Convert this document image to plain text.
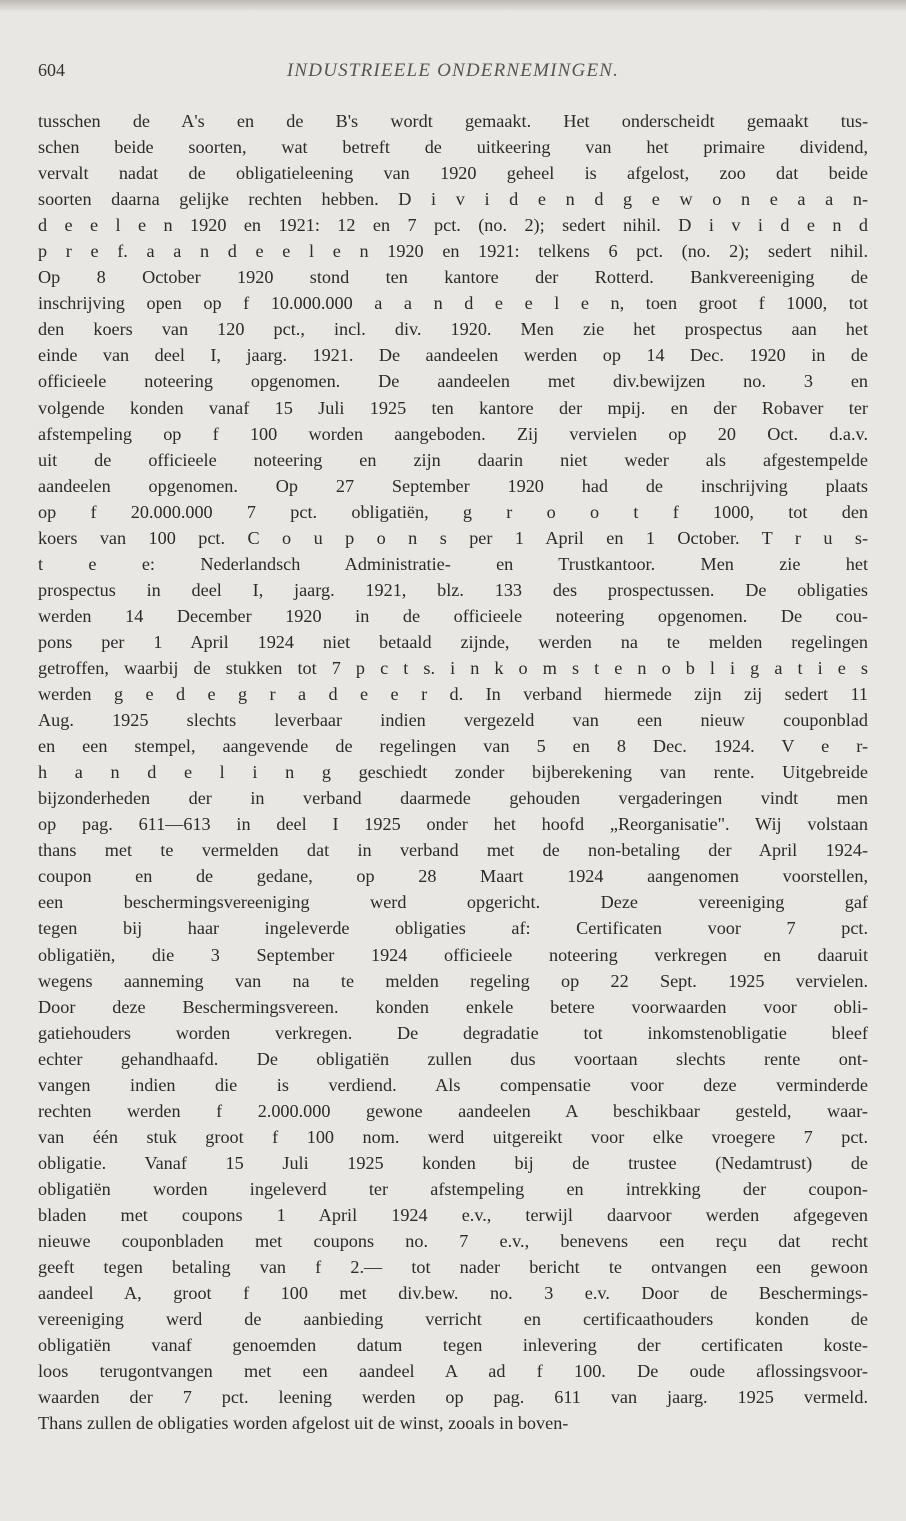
604	INDUSTRIEELE ONDERNEMINGEN.
tusschen de A's en de B's wordt gemaakt. Het onderscheidt gemaakt tus-
schen beide soorten, wat betreft de uitkeering van het primaire dividend,
vervalt nadat de obligatieleening van 1920 geheel is afgelost, zoo dat beide
soorten daarna gelijke rechten hebben. D i v i d e n d g e w o n e a a n-
d e e l e n 1920 en 1921: 12 en 7 pct. (no. 2); sedert nihil. D i v i d e n d
p r e f. a a n d e e l e n 1920 en 1921: telkens 6 pct. (no. 2); sedert nihil.
Op 8 October 1920 stond ten kantore der Rotterd. Bankvereeniging de
inschrijving open op f 10.000.000 a a n d e e l e n, toen groot f 1000, tot
den koers van 120 pct., incl. div. 1920. Men zie het prospectus aan het
einde van deel I, jaarg. 1921. De aandeelen werden op 14 Dec. 1920 in de
officieele noteering opgenomen. De aandeelen met div.bewijzen no. 3 en
volgende konden vanaf 15 Juli 1925 ten kantore der mpij. en der Robaver ter
afstempeling op f 100 worden aangeboden. Zij vervielen op 20 Oct. d.a.v.
uit de officieele noteering en zijn daarin niet weder als afgestempelde
aandeelen opgenomen. Op 27 September 1920 had de inschrijving plaats
op f 20.000.000 7 pct. obligatiën, g r o o t f 1000, tot den
koers van 100 pct. C o u p o n s per 1 April en 1 October. T r u s-
t e e: Nederlandsch Administratie- en Trustkantoor. Men zie het
prospectus in deel I, jaarg. 1921, blz. 133 des prospectussen. De obligaties
werden 14 December 1920 in de officieele noteering opgenomen. De cou-
pons per 1 April 1924 niet betaald zijnde, werden na te melden regelingen
getroffen, waarbij de stukken tot 7 p c t s. i n k o m s t e n o b l i g a t i e s
werden g e d e g r a d e e r d. In verband hiermede zijn zij sedert 11
Aug. 1925 slechts leverbaar indien vergezeld van een nieuw couponblad
en een stempel, aangevende de regelingen van 5 en 8 Dec. 1924. V e r-
h a n d e l i n g geschiedt zonder bijberekening van rente. Uitgebreide
bijzonderheden der in verband daarmede gehouden vergaderingen vindt men
op pag. 611—613 in deel I 1925 onder het hoofd „Reorganisatie". Wij volstaan
thans met te vermelden dat in verband met de non-betaling der April 1924-
coupon en de gedane, op 28 Maart 1924 aangenomen voorstellen,
een beschermingsvereeniging werd opgericht. Deze vereeniging gaf
tegen bij haar ingeleverde obligaties af: Certificaten voor 7 pct.
obligatiën, die 3 September 1924 officieele noteering verkregen en daaruit
wegens aanneming van na te melden regeling op 22 Sept. 1925 vervielen.
Door deze Beschermingsvereen. konden enkele betere voorwaarden voor obli-
gatiehouders worden verkregen. De degradatie tot inkomstenobligatie bleef
echter gehandhaafd. De obligatiën zullen dus voortaan slechts rente ont-
vangen indien die is verdiend. Als compensatie voor deze verminderde
rechten werden f 2.000.000 gewone aandeelen A beschikbaar gesteld, waar-
van één stuk groot f 100 nom. werd uitgereikt voor elke vroegere 7 pct.
obligatie. Vanaf 15 Juli 1925 konden bij de trustee (Nedamtrust) de
obligatiën worden ingeleverd ter afstempeling en intrekking der coupon-
bladen met coupons 1 April 1924 e.v., terwijl daarvoor werden afgegeven
nieuwe couponbladen met coupons no. 7 e.v., benevens een reçu dat recht
geeft tegen betaling van f 2.— tot nader bericht te ontvangen een gewoon
aandeel A, groot f 100 met div.bew. no. 3 e.v. Door de Beschermings-
vereeniging werd de aanbieding verricht en certificaathouders konden de
obligatiën vanaf genoemden datum tegen inlevering der certificaten koste-
loos terugontvangen met een aandeel A ad f 100. De oude aflossingsvoor-
waarden der 7 pct. leening werden op pag. 611 van jaarg. 1925 vermeld.
Thans zullen de obligaties worden afgelost uit de winst, zooals in boven-
